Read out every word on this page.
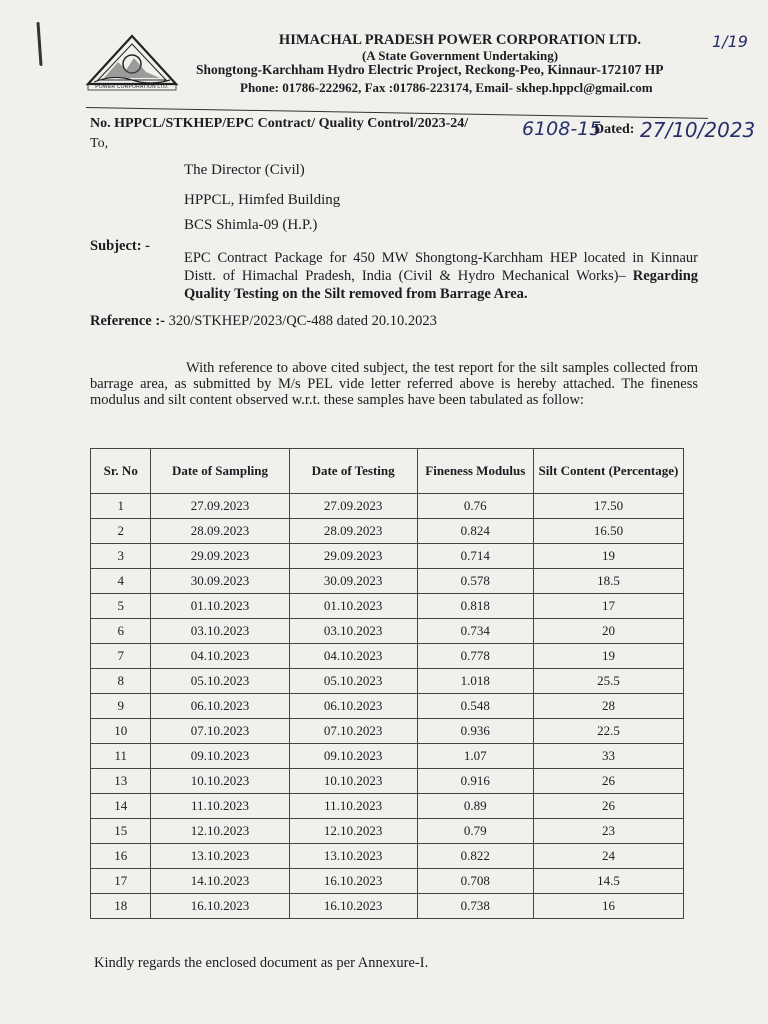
POWER CORPORATION LTD.
HIMACHAL PRADESH POWER CORPORATION LTD.
(A State Government Undertaking)
Shongtong-Karchham Hydro Electric Project, Reckong-Peo, Kinnaur-172107 HP
Phone: 01786-222962, Fax :01786-223174, Email- skhep.hppcl@gmail.com
1/19
No. HPPCL/STKHEP/EPC Contract/ Quality Control/2023-24/	6108-15
Dated: 27/10/2023
To,
The Director (Civil)
HPPCL, Himfed Building
BCS Shimla-09 (H.P.)
Subject: -
EPC Contract Package for 450 MW Shongtong-Karchham HEP located in Kinnaur Distt. of Himachal Pradesh, India (Civil & Hydro Mechanical Works)– Regarding Quality Testing on the Silt removed from Barrage Area.
Reference :- 320/STKHEP/2023/QC-488 dated 20.10.2023
With reference to above cited subject, the test report for the silt samples collected from barrage area, as submitted by M/s PEL vide letter referred above is hereby attached. The fineness modulus and silt content observed w.r.t. these samples have been tabulated as follow:
Sr. No	Date of Sampling	Date of Testing	Fineness Modulus	Silt Content (Percentage)
1	27.09.2023	27.09.2023	0.76	17.50
2	28.09.2023	28.09.2023	0.824	16.50
3	29.09.2023	29.09.2023	0.714	19
4	30.09.2023	30.09.2023	0.578	18.5
5	01.10.2023	01.10.2023	0.818	17
6	03.10.2023	03.10.2023	0.734	20
7	04.10.2023	04.10.2023	0.778	19
8	05.10.2023	05.10.2023	1.018	25.5
9	06.10.2023	06.10.2023	0.548	28
10	07.10.2023	07.10.2023	0.936	22.5
11	09.10.2023	09.10.2023	1.07	33
13	10.10.2023	10.10.2023	0.916	26
14	11.10.2023	11.10.2023	0.89	26
15	12.10.2023	12.10.2023	0.79	23
16	13.10.2023	13.10.2023	0.822	24
17	14.10.2023	16.10.2023	0.708	14.5
18	16.10.2023	16.10.2023	0.738	16
Kindly regards the enclosed document as per Annexure-I.
